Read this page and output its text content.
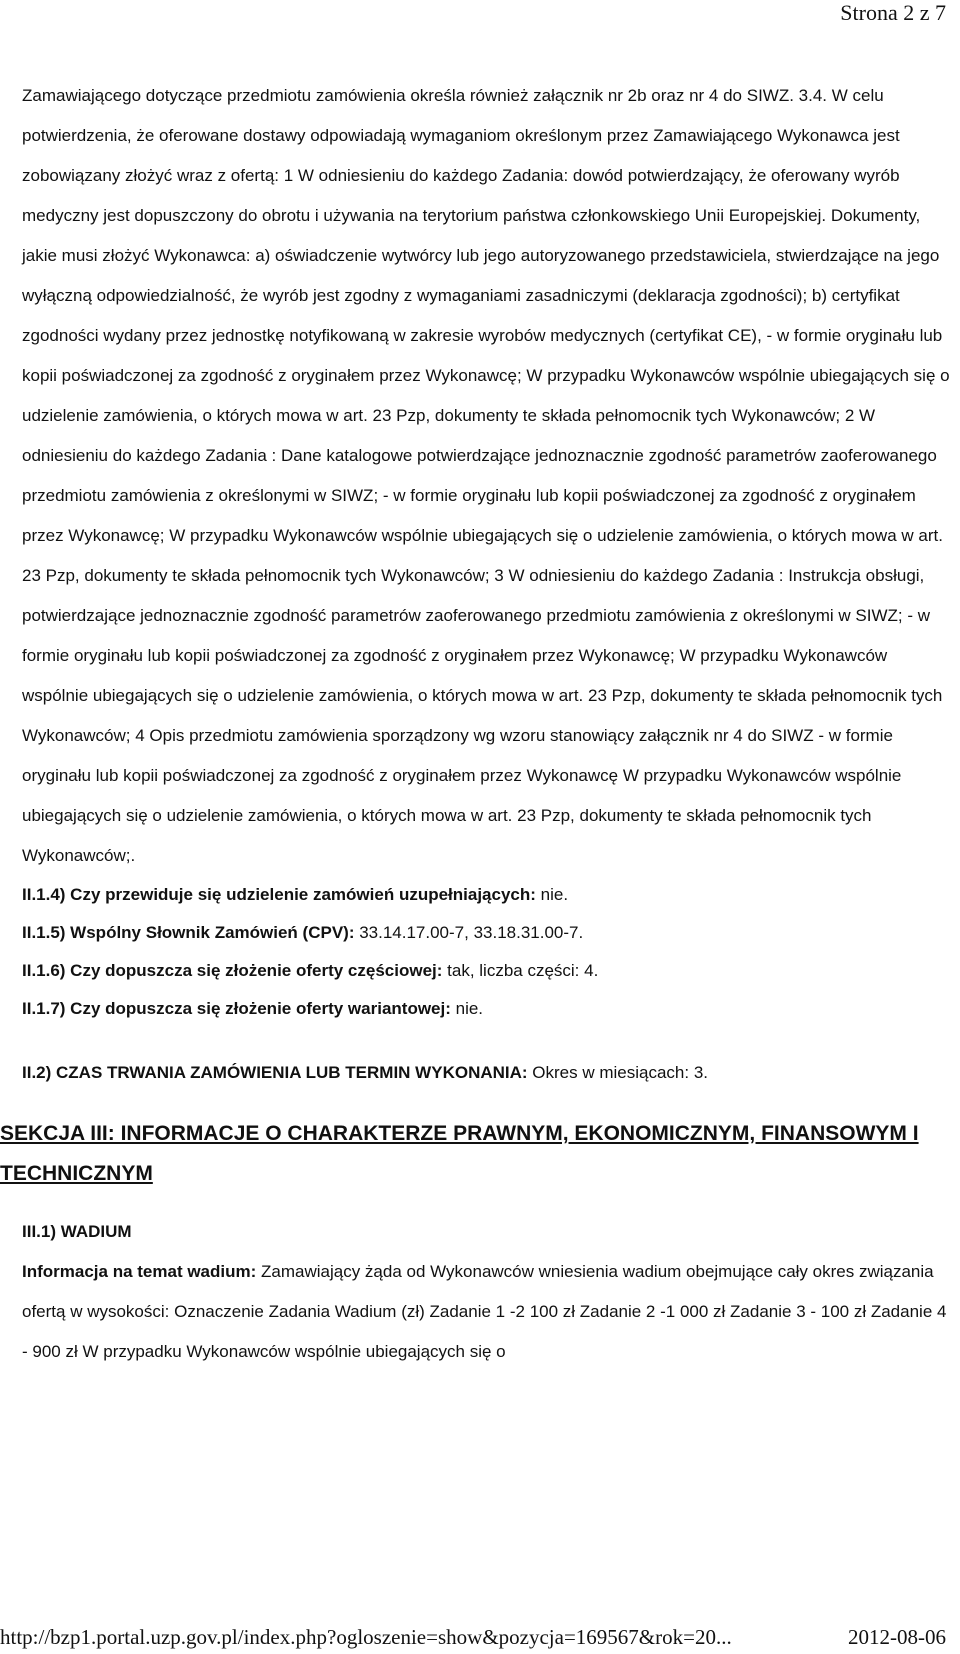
Strona 2 z 7

Zamawiającego dotyczące przedmiotu zamówienia określa również załącznik nr 2b oraz nr 4 do SIWZ. 3.4. W celu potwierdzenia, że oferowane dostawy odpowiadają wymaganiom określonym przez Zamawiającego Wykonawca jest zobowiązany złożyć wraz z ofertą: 1 W odniesieniu do każdego Zadania: dowód potwierdzający, że oferowany wyrób medyczny jest dopuszczony do obrotu i używania na terytorium państwa członkowskiego Unii Europejskiej. Dokumenty, jakie musi złożyć Wykonawca: a) oświadczenie wytwórcy lub jego autoryzowanego przedstawiciela, stwierdzające na jego wyłączną odpowiedzialność, że wyrób jest zgodny z wymaganiami zasadniczymi (deklaracja zgodności); b) certyfikat zgodności wydany przez jednostkę notyfikowaną w zakresie wyrobów medycznych (certyfikat CE), - w formie oryginału lub kopii poświadczonej za zgodność z oryginałem przez Wykonawcę; W przypadku Wykonawców wspólnie ubiegających się o udzielenie zamówienia, o których mowa w art. 23 Pzp, dokumenty te składa pełnomocnik tych Wykonawców; 2 W odniesieniu do każdego Zadania : Dane katalogowe potwierdzające jednoznacznie zgodność parametrów zaoferowanego przedmiotu zamówienia z określonymi w SIWZ; - w formie oryginału lub kopii poświadczonej za zgodność z oryginałem przez Wykonawcę; W przypadku Wykonawców wspólnie ubiegających się o udzielenie zamówienia, o których mowa w art. 23 Pzp, dokumenty te składa pełnomocnik tych Wykonawców; 3 W odniesieniu do każdego Zadania : Instrukcja obsługi, potwierdzające jednoznacznie zgodność parametrów zaoferowanego przedmiotu zamówienia z określonymi w SIWZ; - w formie oryginału lub kopii poświadczonej za zgodność z oryginałem przez Wykonawcę; W przypadku Wykonawców wspólnie ubiegających się o udzielenie zamówienia, o których mowa w art. 23 Pzp, dokumenty te składa pełnomocnik tych Wykonawców; 4 Opis przedmiotu zamówienia sporządzony wg wzoru stanowiący załącznik nr 4 do SIWZ - w formie oryginału lub kopii poświadczonej za zgodność z oryginałem przez Wykonawcę W przypadku Wykonawców wspólnie ubiegających się o udzielenie zamówienia, o których mowa w art. 23 Pzp, dokumenty te składa pełnomocnik tych Wykonawców;.

II.1.4) Czy przewiduje się udzielenie zamówień uzupełniających: nie.

II.1.5) Wspólny Słownik Zamówień (CPV): 33.14.17.00-7, 33.18.31.00-7.

II.1.6) Czy dopuszcza się złożenie oferty częściowej: tak, liczba części: 4.

II.1.7) Czy dopuszcza się złożenie oferty wariantowej: nie.

II.2) CZAS TRWANIA ZAMÓWIENIA LUB TERMIN WYKONANIA: Okres w miesiącach: 3.

SEKCJA III: INFORMACJE O CHARAKTERZE PRAWNYM, EKONOMICZNYM, FINANSOWYM I TECHNICZNYM
III.1) WADIUM

Informacja na temat wadium: Zamawiający żąda od Wykonawców wniesienia wadium obejmujące cały okres związania ofertą w wysokości: Oznaczenie Zadania Wadium (zł) Zadanie 1 -2 100 zł Zadanie 2 -1 000 zł Zadanie 3 - 100 zł Zadanie 4 - 900 zł W przypadku Wykonawców wspólnie ubiegających się o

http://bzp1.portal.uzp.gov.pl/index.php?ogloszenie=show&pozycja=169567&rok=20...	2012-08-06
